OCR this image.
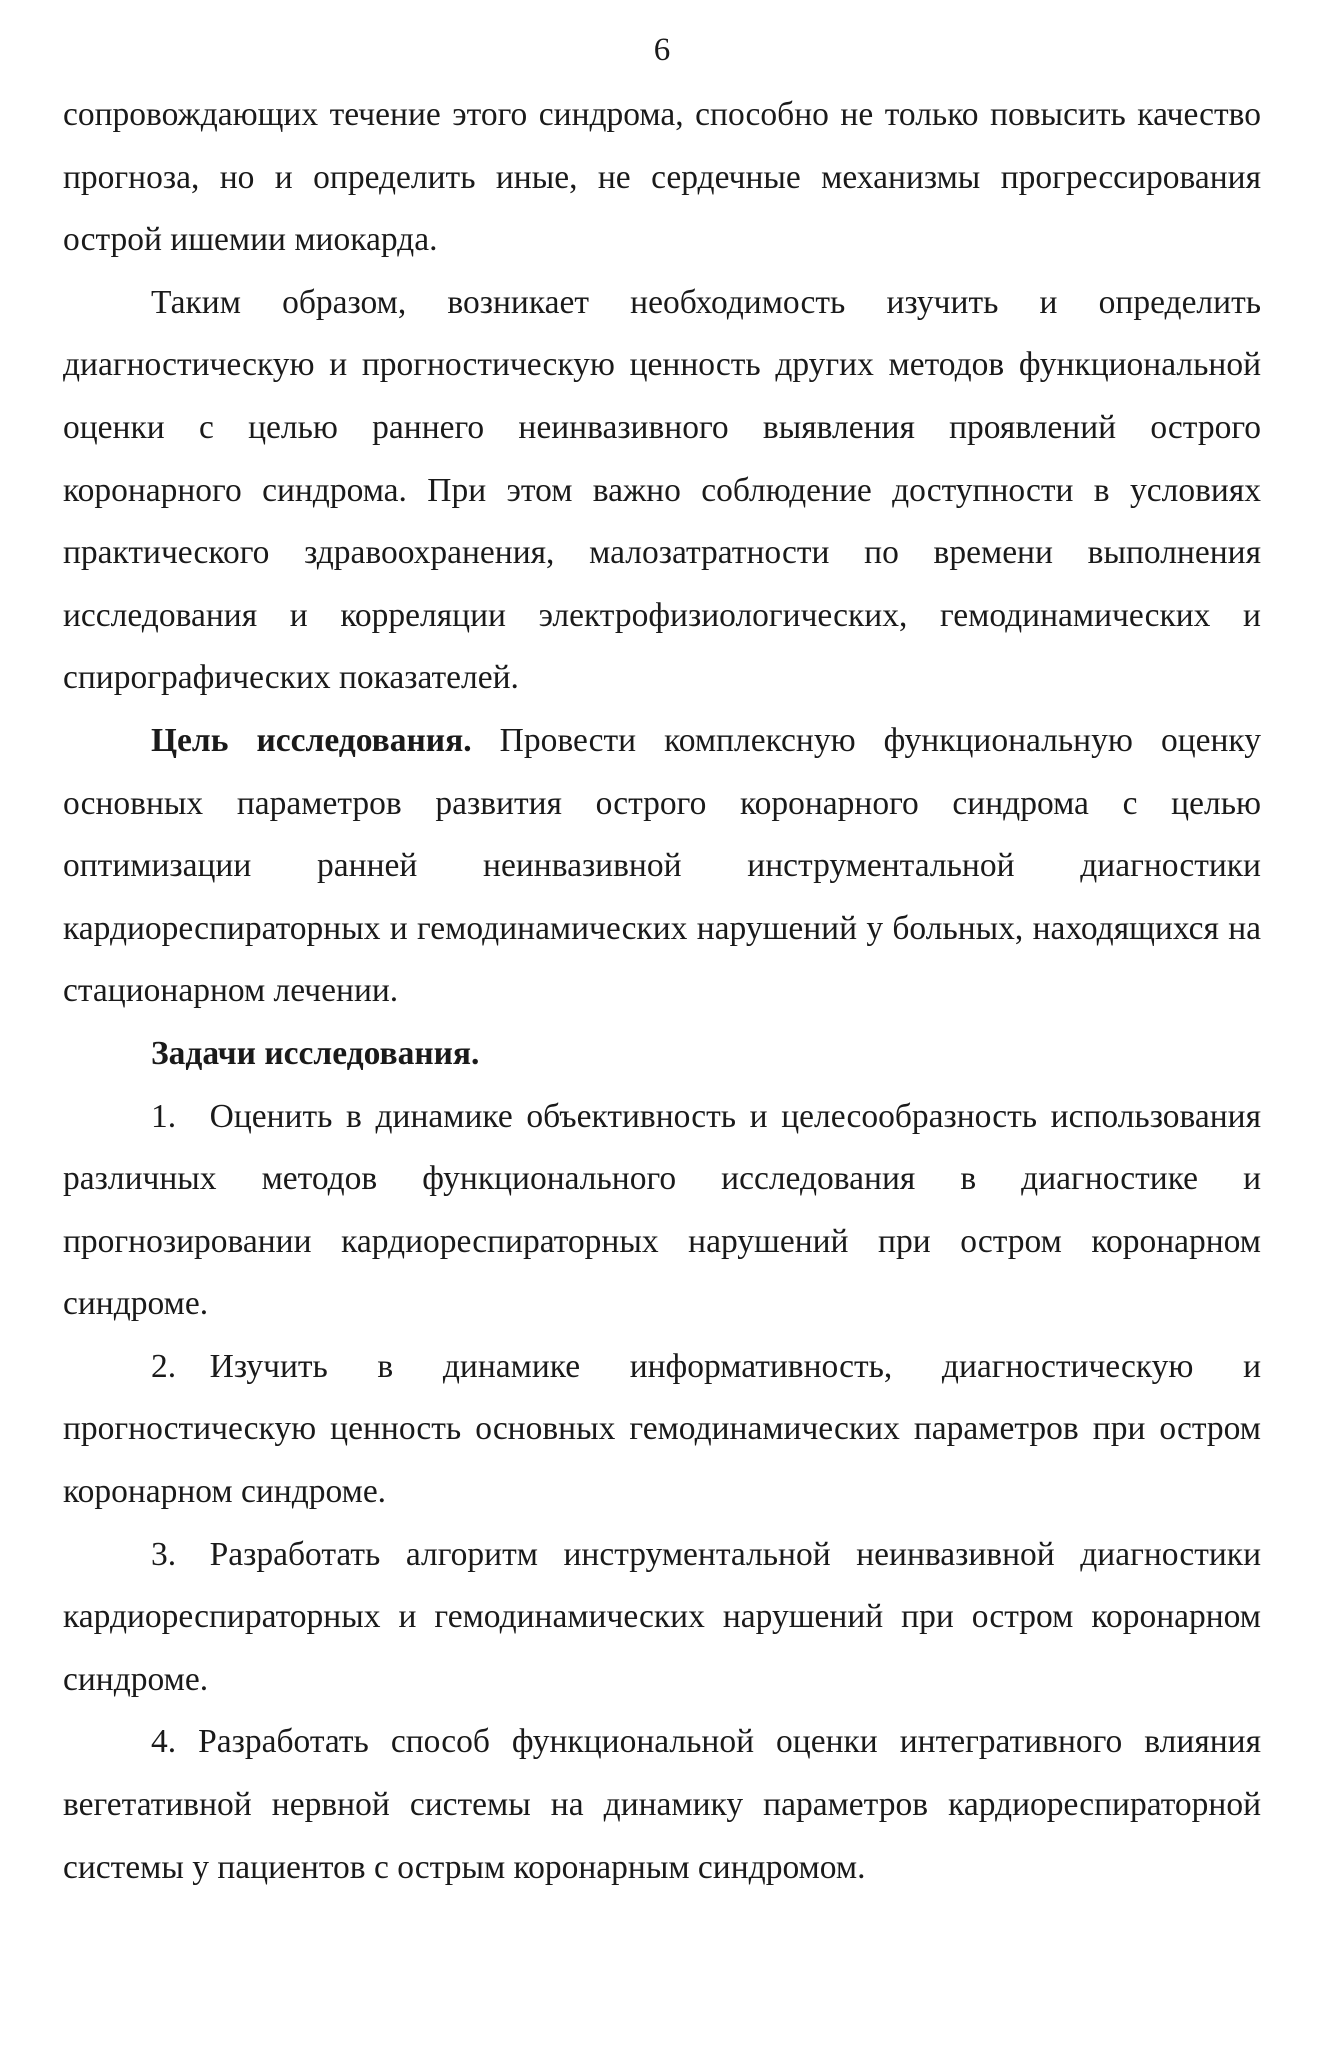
6

сопровождающих течение этого синдрома, способно не только повысить качество прогноза, но и определить иные, не сердечные механизмы прогрессирования острой ишемии миокарда.

Таким образом, возникает необходимость изучить и определить диагностическую и прогностическую ценность других методов функциональной оценки с целью раннего неинвазивного выявления проявлений острого коронарного синдрома. При этом важно соблюдение доступности в условиях практического здравоохранения, малозатратности по времени выполнения исследования и корреляции электрофизиологических, гемодинамических и спирографических показателей.

Цель исследования. Провести комплексную функциональную оценку основных параметров развития острого коронарного синдрома с целью оптимизации ранней неинвазивной инструментальной диагностики кардиореспираторных и гемодинамических нарушений у больных, находящихся на стационарном лечении.

Задачи исследования.

1. Оценить в динамике объективность и целесообразность использования различных методов функционального исследования в диагностике и прогнозировании кардиореспираторных нарушений при остром коронарном синдроме.

2. Изучить в динамике информативность, диагностическую и прогностическую ценность основных гемодинамических параметров при остром коронарном синдроме.

3. Разработать алгоритм инструментальной неинвазивной диагностики кардиореспираторных и гемодинамических нарушений при остром коронарном синдроме.

4. Разработать способ функциональной оценки интегративного влияния вегетативной нервной системы на динамику параметров кардиореспираторной системы у пациентов с острым коронарным синдромом.
